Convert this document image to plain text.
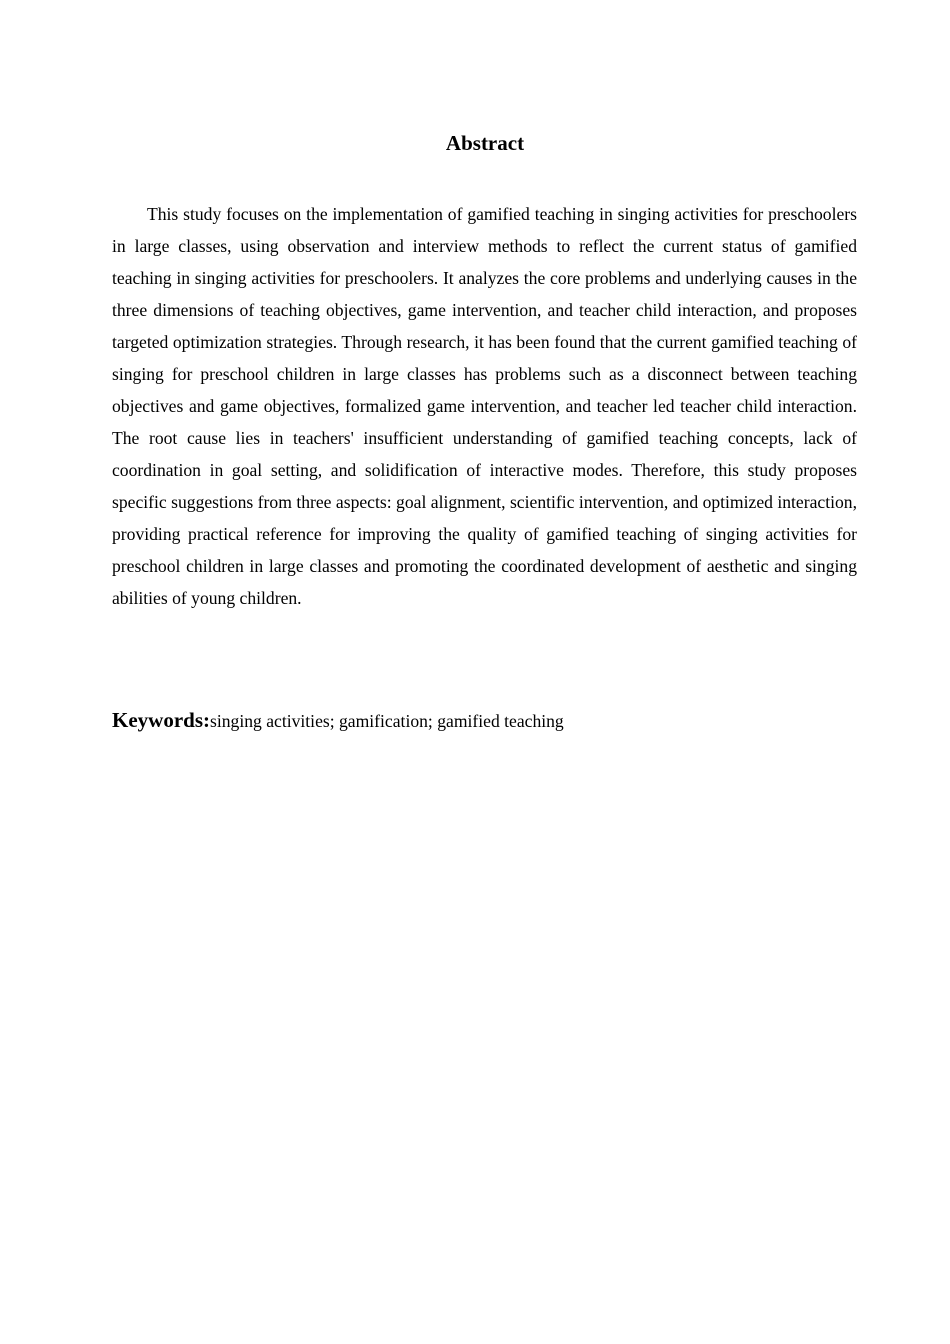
Abstract

This study focuses on the implementation of gamified teaching in singing activities for preschoolers in large classes, using observation and interview methods to reflect the current status of gamified teaching in singing activities for preschoolers. It analyzes the core problems and underlying causes in the three dimensions of teaching objectives, game intervention, and teacher child interaction, and proposes targeted optimization strategies. Through research, it has been found that the current gamified teaching of singing for preschool children in large classes has problems such as a disconnect between teaching objectives and game objectives, formalized game intervention, and teacher led teacher child interaction. The root cause lies in teachers' insufficient understanding of gamified teaching concepts, lack of coordination in goal setting, and solidification of interactive modes. Therefore, this study proposes specific suggestions from three aspects: goal alignment, scientific intervention, and optimized interaction, providing practical reference for improving the quality of gamified teaching of singing activities for preschool children in large classes and promoting the coordinated development of aesthetic and singing abilities of young children.

Keywords:singing activities; gamification; gamified teaching
